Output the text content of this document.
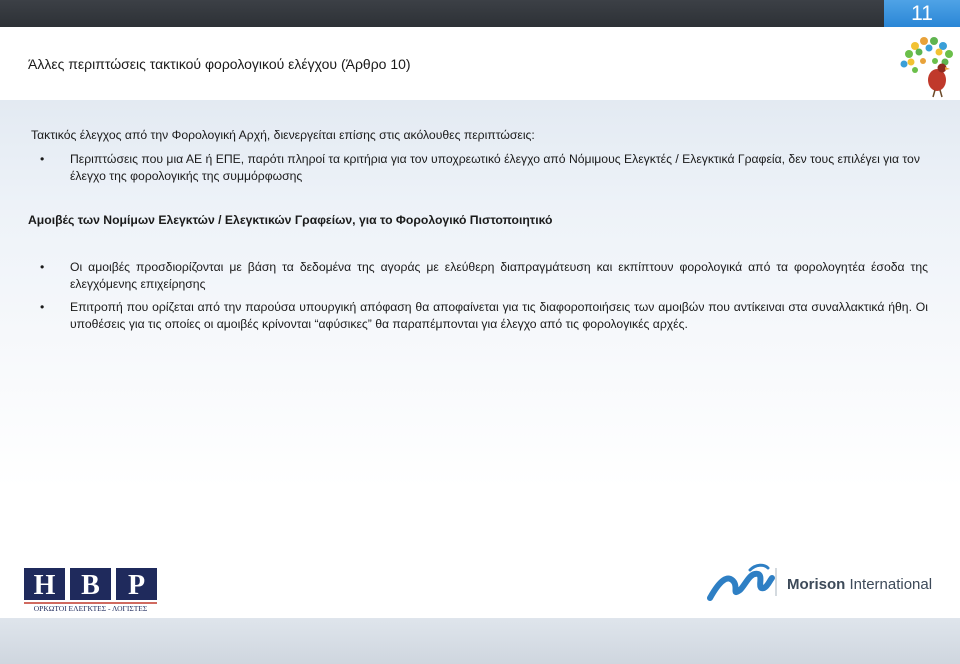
11
Άλλες περιπτώσεις τακτικού φορολογικού ελέγχου (Άρθρο 10)
Τακτικός έλεγχος από την Φορολογική Αρχή, διενεργείται επίσης στις ακόλουθες περιπτώσεις:
• Περιπτώσεις που μια ΑΕ ή ΕΠΕ, παρότι πληροί τα κριτήρια για τον υποχρεωτικό έλεγχο από Νόμιμους Ελεγκτές / Ελεγκτικά Γραφεία, δεν τους επιλέγει για τον έλεγχο της φορολογικής της συμμόρφωσης
Αμοιβές των Νομίμων Ελεγκτών / Ελεγκτικών Γραφείων, για το Φορολογικό Πιστοποιητικό
• Οι αμοιβές προσδιορίζονται με βάση τα δεδομένα της αγοράς με ελεύθερη διαπραγμάτευση και εκπίπτουν φορολογικά από τα φορολογητέα έσοδα της ελεγχόμενης επιχείρησης
• Επιτροπή που ορίζεται από την παρούσα υπουργική απόφαση θα αποφαίνεται για τις διαφοροποιήσεις των αμοιβών που αντίκειναι στα συναλλακτικά ήθη. Οι υποθέσεις για τις οποίες οι αμοιβές κρίνονται “αφύσικες” θα παραπέμπονται για έλεγχο από τις φορολογικές αρχές.
H B P
ΟΡΚΩΤΟΙ ΕΛΕΓΚΤΕΣ - ΛΟΓΙΣΤΕΣ
Morison International
